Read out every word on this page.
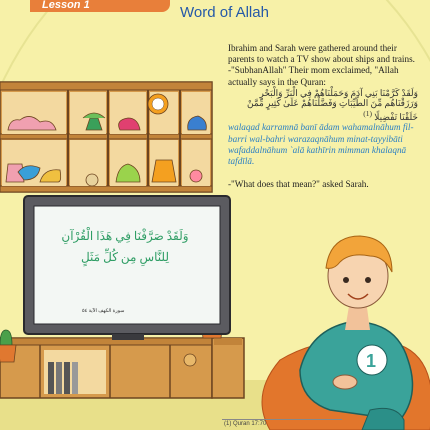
1
Lesson 1	Word of Allah

Ibrahim and Sarah were gathered around their parents to watch a TV show about ships and trains.

-"SubhanAllah" Their mom exclaimed, "Allah actually says in the Quran:

وَلَقَدْ كَرَّمْنَا بَنِي آدَمَ وَحَمَلْنَاهُمْ فِي الْبَرِّ وَالْبَحْرِ وَرَزَقْنَاهُم مِّنَ الطَّيِّبَاتِ وَفَضَّلْنَاهُمْ عَلَىٰ كَثِيرٍ مِّمَّنْ خَلَقْنَا تَفْضِيلًا $^{(1)}$

walaqad karramnā banī ādam wahamalnāhum fil-barri wal-bahri warazaqnāhum minat-tayyibāti wafaddalnāhum `alā kathīrin mimman khalaqnā tafdīlā.

-"What does that mean?" asked Sarah.

وَلَقَدْ صَرَّفْنَا فِي هَذَا الْقُرْآنِ
لِلنَّاسِ مِن كُلِّ مَثَلٍ
سورة الكهف الآية ٥٤
(1) Quran 17:70
